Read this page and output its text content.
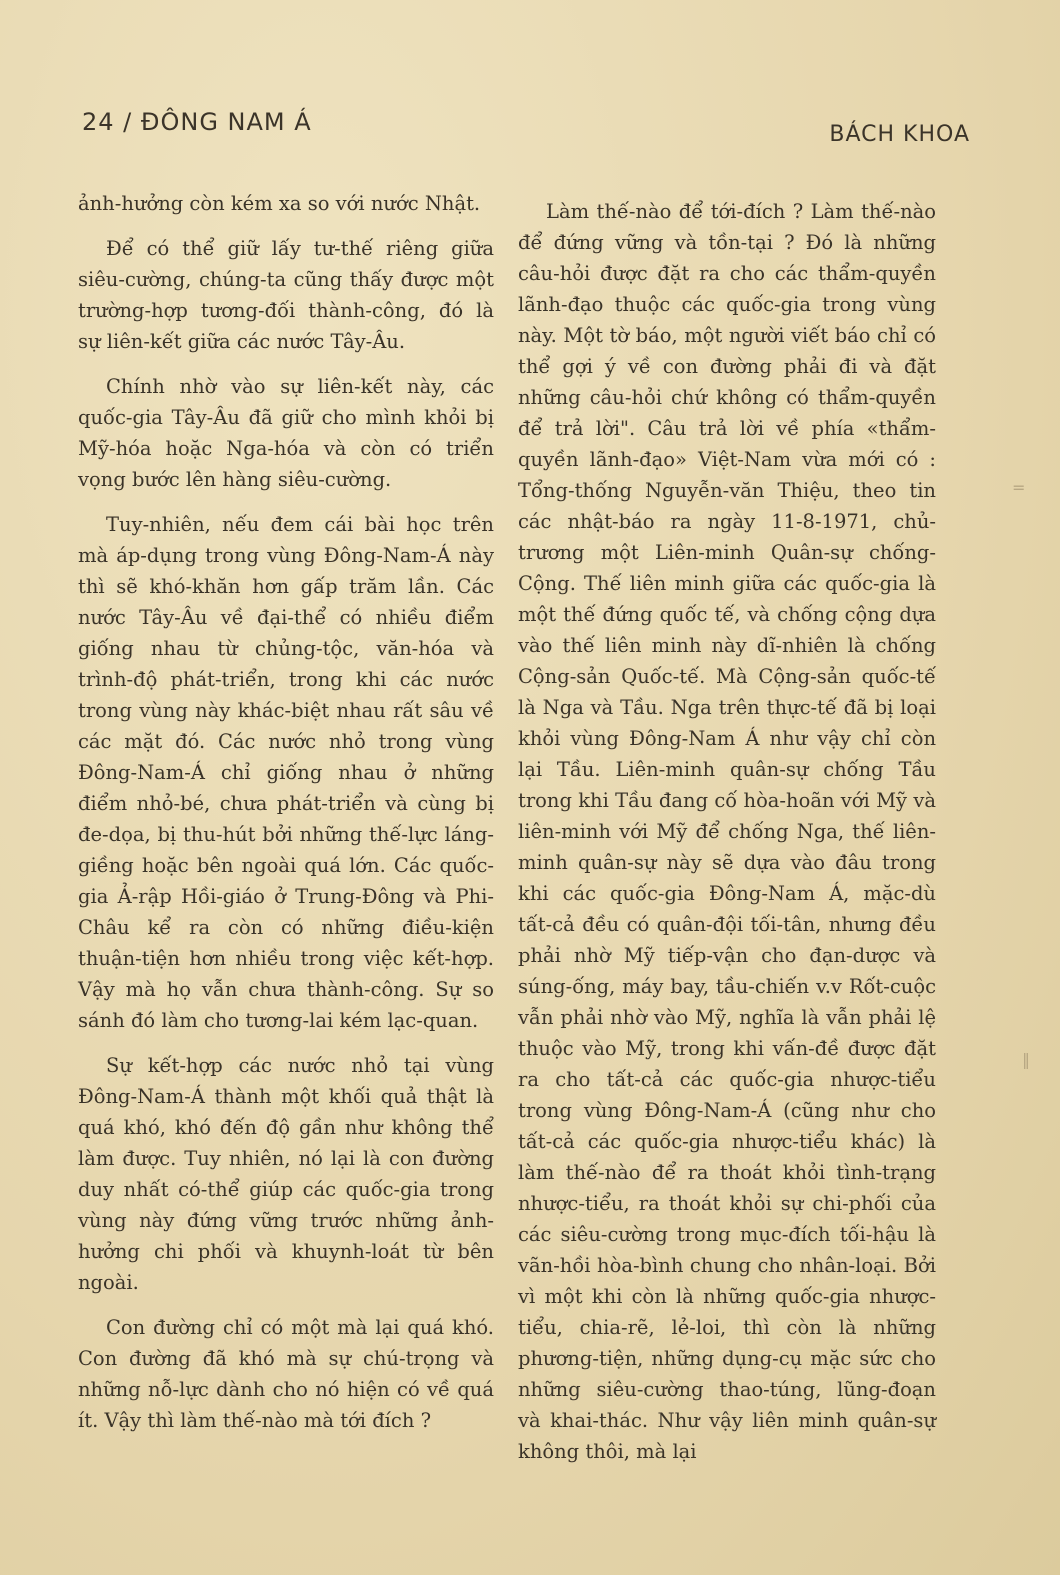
24 / ĐÔNG NAM Á	BÁCH KHOA

ảnh-hưởng còn kém xa so với nước Nhật.

Để có thể giữ lấy tư-thế riêng giữa siêu-cường, chúng-ta cũng thấy được một trường-hợp tương-đối thành-công, đó là sự liên-kết giữa các nước Tây-Âu.

Chính nhờ vào sự liên-kết này, các quốc-gia Tây-Âu đã giữ cho mình khỏi bị Mỹ-hóa hoặc Nga-hóa và còn có triển vọng bước lên hàng siêu-cường.

Tuy-nhiên, nếu đem cái bài học trên mà áp-dụng trong vùng Đông-Nam-Á này thì sẽ khó-khăn hơn gấp trăm lần. Các nước Tây-Âu về đại-thể có nhiều điểm giống nhau từ chủng-tộc, văn-hóa và trình-độ phát-triển, trong khi các nước trong vùng này khác-biệt nhau rất sâu về các mặt đó. Các nước nhỏ trong vùng Đông-Nam-Á chỉ giống nhau ở những điểm nhỏ-bé, chưa phát-triển và cùng bị đe-dọa, bị thu-hút bởi những thế-lực láng-giềng hoặc bên ngoài quá lớn. Các quốc-gia Ả-rập Hồi-giáo ở Trung-Đông và Phi-Châu kể ra còn có những điều-kiện thuận-tiện hơn nhiều trong việc kết-hợp. Vậy mà họ vẫn chưa thành-công. Sự so sánh đó làm cho tương-lai kém lạc-quan.

Sự kết-hợp các nước nhỏ tại vùng Đông-Nam-Á thành một khối quả thật là quá khó, khó đến độ gần như không thể làm được. Tuy nhiên, nó lại là con đường duy nhất có-thể giúp các quốc-gia trong vùng này đứng vững trước những ảnh-hưởng chi phối và khuynh-loát từ bên ngoài.

Con đường chỉ có một mà lại quá khó. Con đường đã khó mà sự chú-trọng và những nỗ-lực dành cho nó hiện có về quá ít. Vậy thì làm thế-nào mà tới đích ?

Làm thế-nào để tới-đích ? Làm thế-nào để đứng vững và tồn-tại ? Đó là những câu-hỏi được đặt ra cho các thẩm-quyền lãnh-đạo thuộc các quốc-gia trong vùng này. Một tờ báo, một người viết báo chỉ có thể gợi ý về con đường phải đi và đặt những câu-hỏi chứ không có thẩm-quyền để trả lời". Câu trả lời về phía «thẩm-quyền lãnh-đạo» Việt-Nam vừa mới có : Tổng-thống Nguyễn-văn Thiệu, theo tin các nhật-báo ra ngày 11-8-1971, chủ-trương một Liên-minh Quân-sự chống-Cộng. Thế liên minh giữa các quốc-gia là một thế đứng quốc tế, và chống cộng dựa vào thế liên minh này dĩ-nhiên là chống Cộng-sản Quốc-tế. Mà Cộng-sản quốc-tế là Nga và Tầu. Nga trên thực-tế đã bị loại khỏi vùng Đông-Nam Á như vậy chỉ còn lại Tầu. Liên-minh quân-sự chống Tầu trong khi Tầu đang cố hòa-hoãn với Mỹ và liên-minh với Mỹ để chống Nga, thế liên-minh quân-sự này sẽ dựa vào đâu trong khi các quốc-gia Đông-Nam Á, mặc-dù tất-cả đều có quân-đội tối-tân, nhưng đều phải nhờ Mỹ tiếp-vận cho đạn-dược và súng-ống, máy bay, tầu-chiến v.v Rốt-cuộc vẫn phải nhờ vào Mỹ, nghĩa là vẫn phải lệ thuộc vào Mỹ, trong khi vấn-đề được đặt ra cho tất-cả các quốc-gia nhược-tiểu trong vùng Đông-Nam-Á (cũng như cho tất-cả các quốc-gia nhược-tiểu khác) là làm thế-nào để ra thoát khỏi tình-trạng nhược-tiểu, ra thoát khỏi sự chi-phối của các siêu-cường trong mục-đích tối-hậu là vãn-hồi hòa-bình chung cho nhân-loại. Bởi vì một khi còn là những quốc-gia nhược-tiểu, chia-rẽ, lẻ-loi, thì còn là những phương-tiện, những dụng-cụ mặc sức cho những siêu-cường thao-túng, lũng-đoạn và khai-thác. Như vậy liên minh quân-sự không thôi, mà lại

=
‖
